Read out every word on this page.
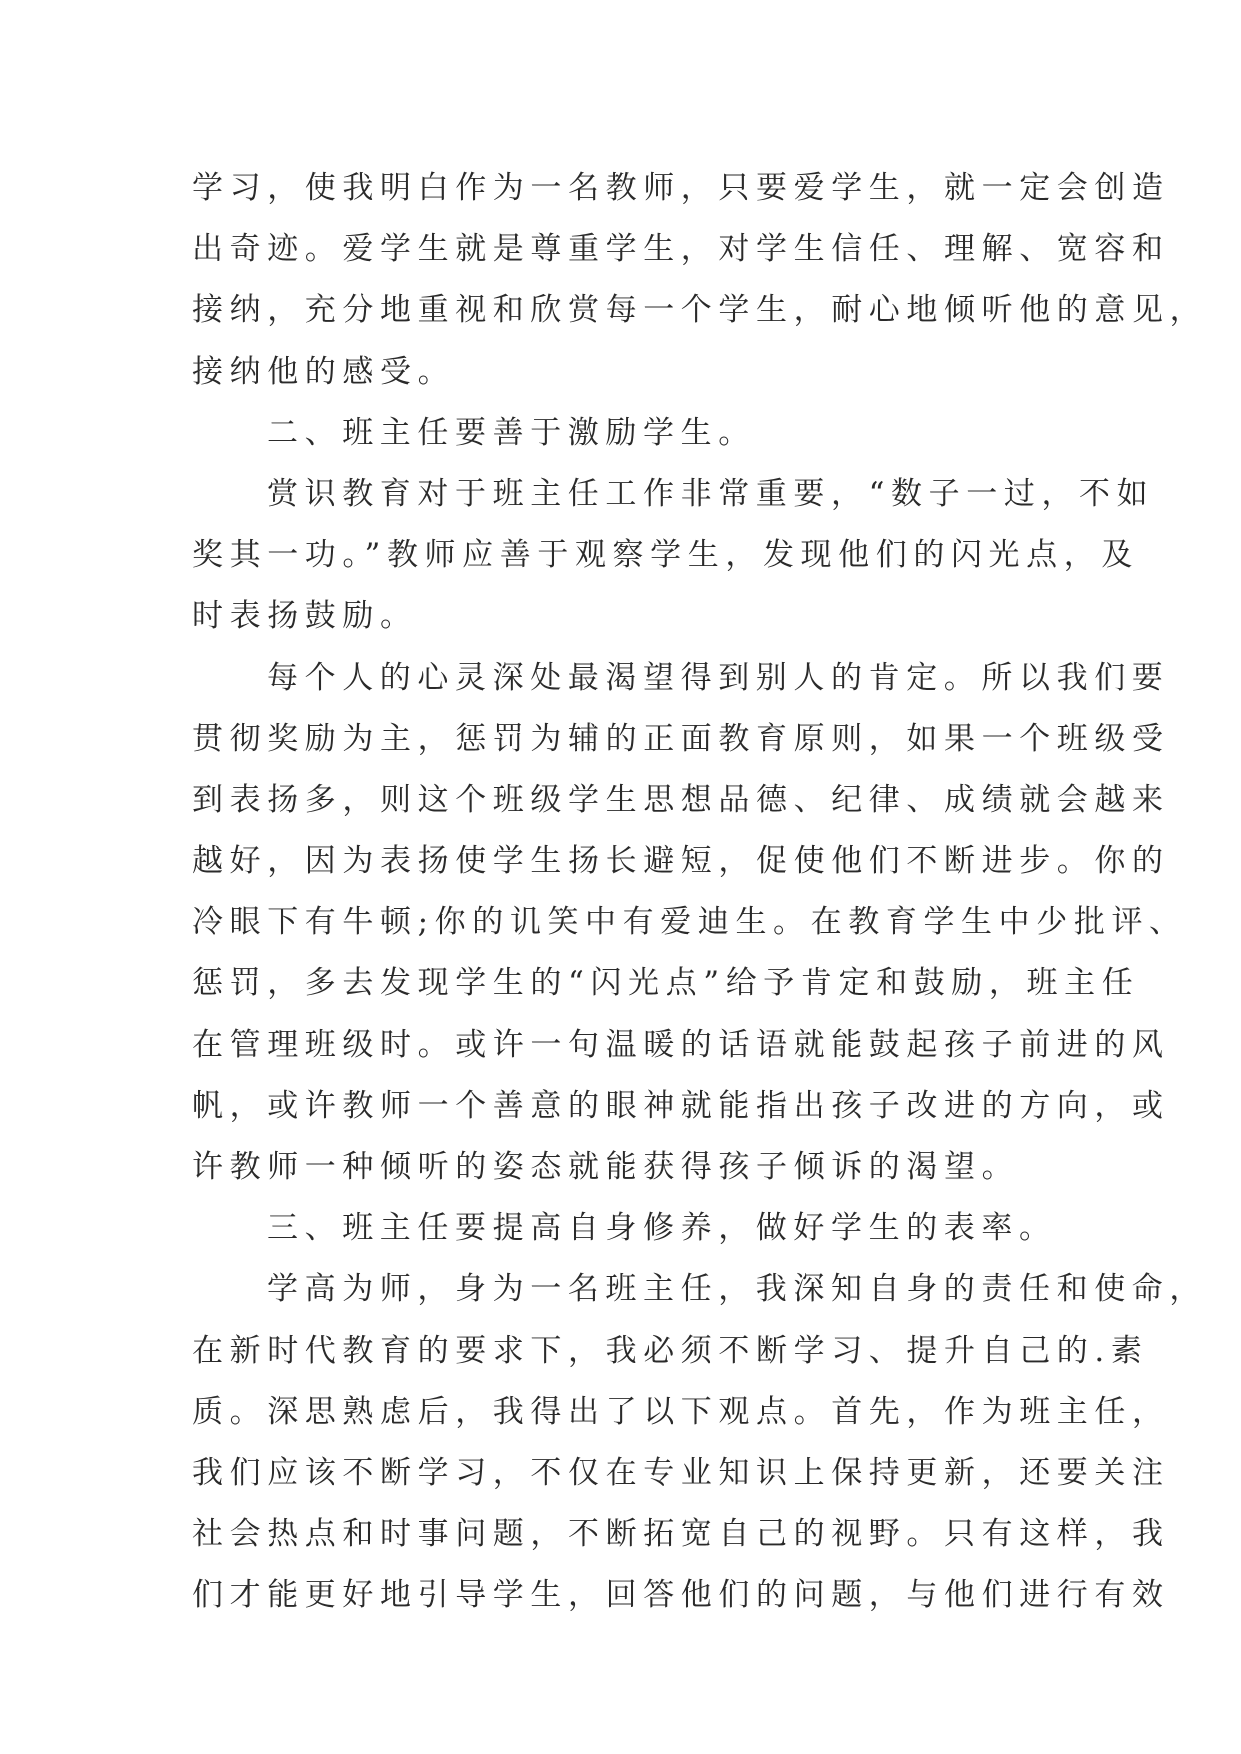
学习，使我明白作为一名教师，只要爱学生，就一定会创造
出奇迹。爱学生就是尊重学生，对学生信任、理解、宽容和
接纳，充分地重视和欣赏每一个学生，耐心地倾听他的意见，
接纳他的感受。
二、班主任要善于激励学生。
赏识教育对于班主任工作非常重要，“数子一过，不如
奖其一功。”教师应善于观察学生，发现他们的闪光点，及
时表扬鼓励。
每个人的心灵深处最渴望得到别人的肯定。所以我们要
贯彻奖励为主，惩罚为辅的正面教育原则，如果一个班级受
到表扬多，则这个班级学生思想品德、纪律、成绩就会越来
越好，因为表扬使学生扬长避短，促使他们不断进步。你的
冷眼下有牛顿;你的讥笑中有爱迪生。在教育学生中少批评、
惩罚，多去发现学生的“闪光点”给予肯定和鼓励，班主任
在管理班级时。或许一句温暖的话语就能鼓起孩子前进的风
帆，或许教师一个善意的眼神就能指出孩子改进的方向，或
许教师一种倾听的姿态就能获得孩子倾诉的渴望。
三、班主任要提高自身修养，做好学生的表率。
学高为师，身为一名班主任，我深知自身的责任和使命，
在新时代教育的要求下，我必须不断学习、提升自己的.素
质。深思熟虑后，我得出了以下观点。首先，作为班主任，
我们应该不断学习，不仅在专业知识上保持更新，还要关注
社会热点和时事问题，不断拓宽自己的视野。只有这样，我
们才能更好地引导学生，回答他们的问题，与他们进行有效
